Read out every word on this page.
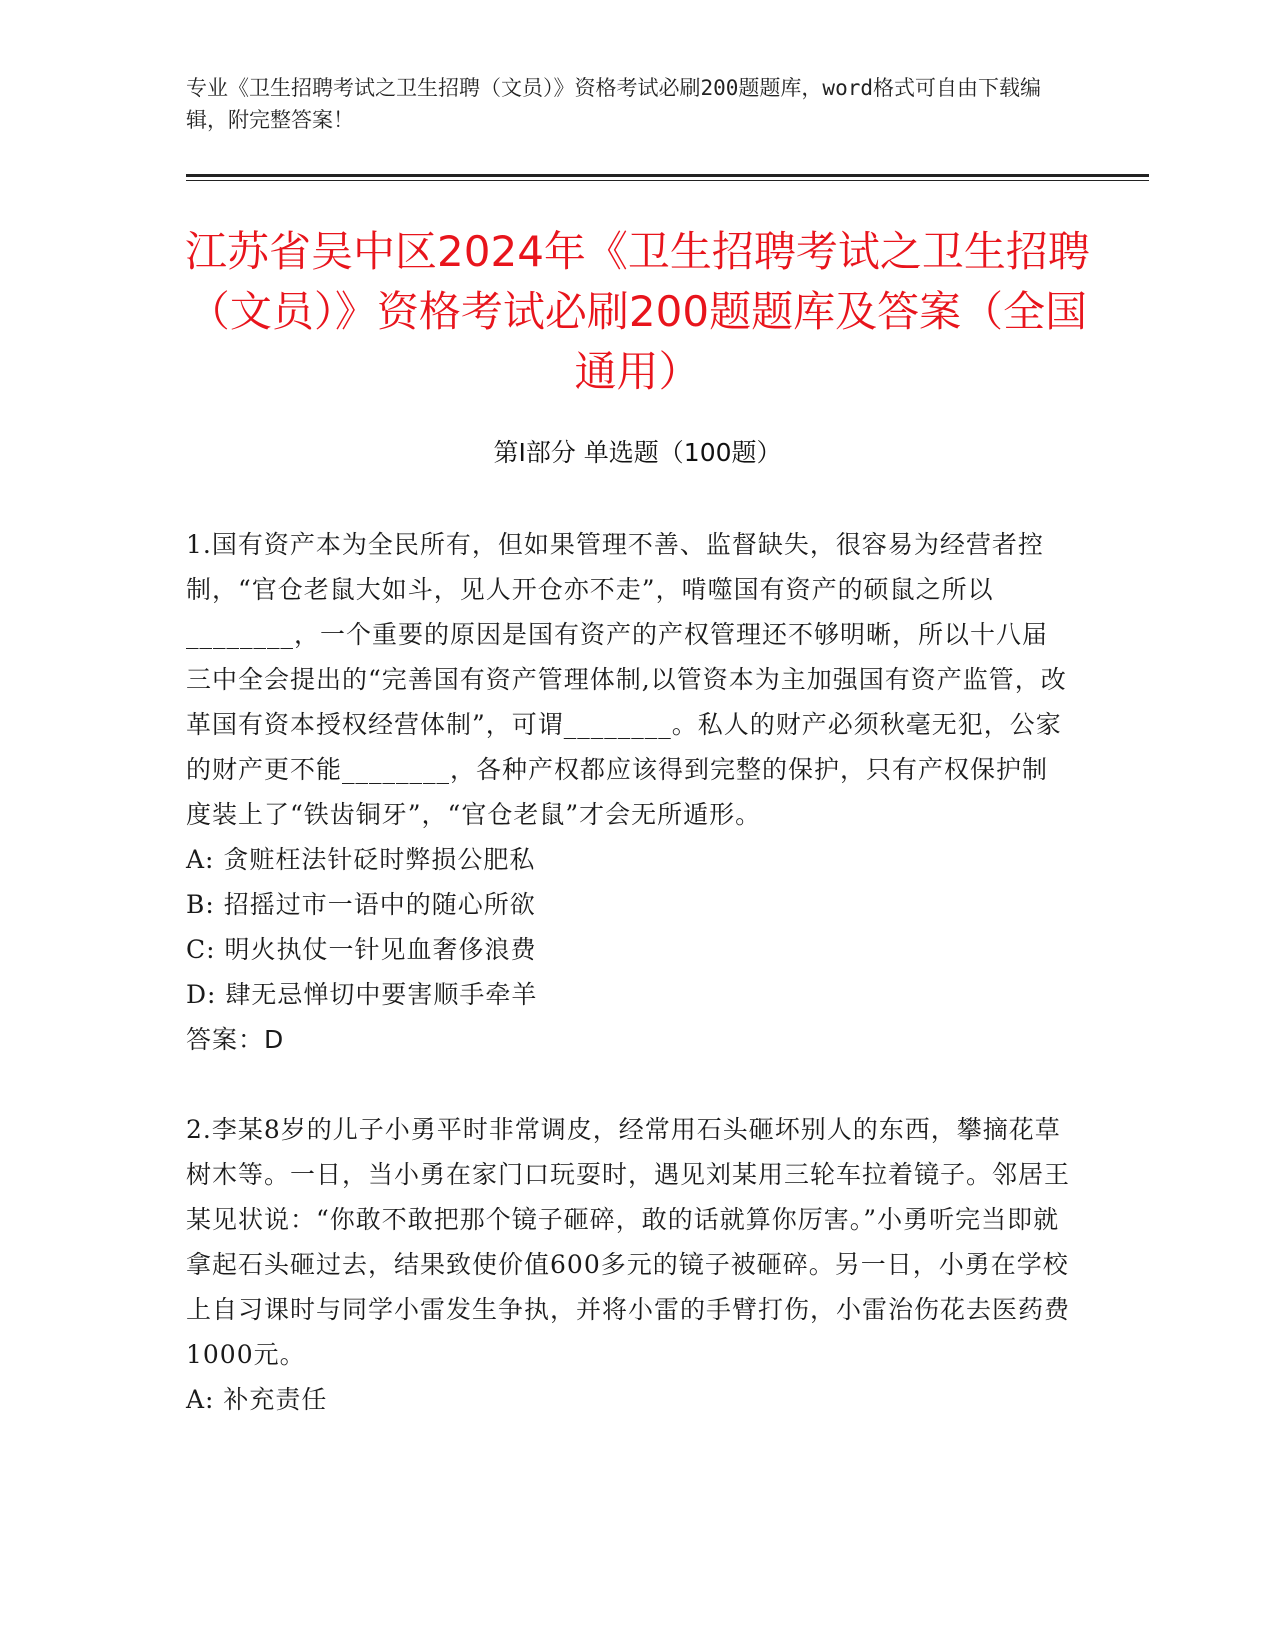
专业《卫生招聘考试之卫生招聘（文员）》资格考试必刷200题题库，word格式可自由下载编辑，附完整答案！
江苏省吴中区2024年《卫生招聘考试之卫生招聘（文员）》资格考试必刷200题题库及答案（全国通用）
第Ⅰ部分 单选题（100题）

1.国有资产本为全民所有，但如果管理不善、监督缺失，很容易为经营者控制，“官仓老鼠大如斗，见人开仓亦不走”，啃噬国有资产的硕鼠之所以________，一个重要的原因是国有资产的产权管理还不够明晰，所以十八届三中全会提出的“完善国有资产管理体制,以管资本为主加强国有资产监管，改革国有资本授权经营体制”，可谓________。私人的财产必须秋毫无犯，公家的财产更不能________，各种产权都应该得到完整的保护，只有产权保护制度装上了“铁齿铜牙”，“官仓老鼠”才会无所遁形。

A: 贪赃枉法针砭时弊损公肥私

B: 招摇过市一语中的随心所欲

C: 明火执仗一针见血奢侈浪费

D: 肆无忌惮切中要害顺手牵羊

答案：D

2.李某8岁的儿子小勇平时非常调皮，经常用石头砸坏别人的东西，攀摘花草树木等。一日，当小勇在家门口玩耍时，遇见刘某用三轮车拉着镜子。邻居王某见状说：“你敢不敢把那个镜子砸碎，敢的话就算你厉害。”小勇听完当即就拿起石头砸过去，结果致使价值600多元的镜子被砸碎。另一日，小勇在学校上自习课时与同学小雷发生争执，并将小雷的手臂打伤，小雷治伤花去医药费1000元。

A: 补充责任
